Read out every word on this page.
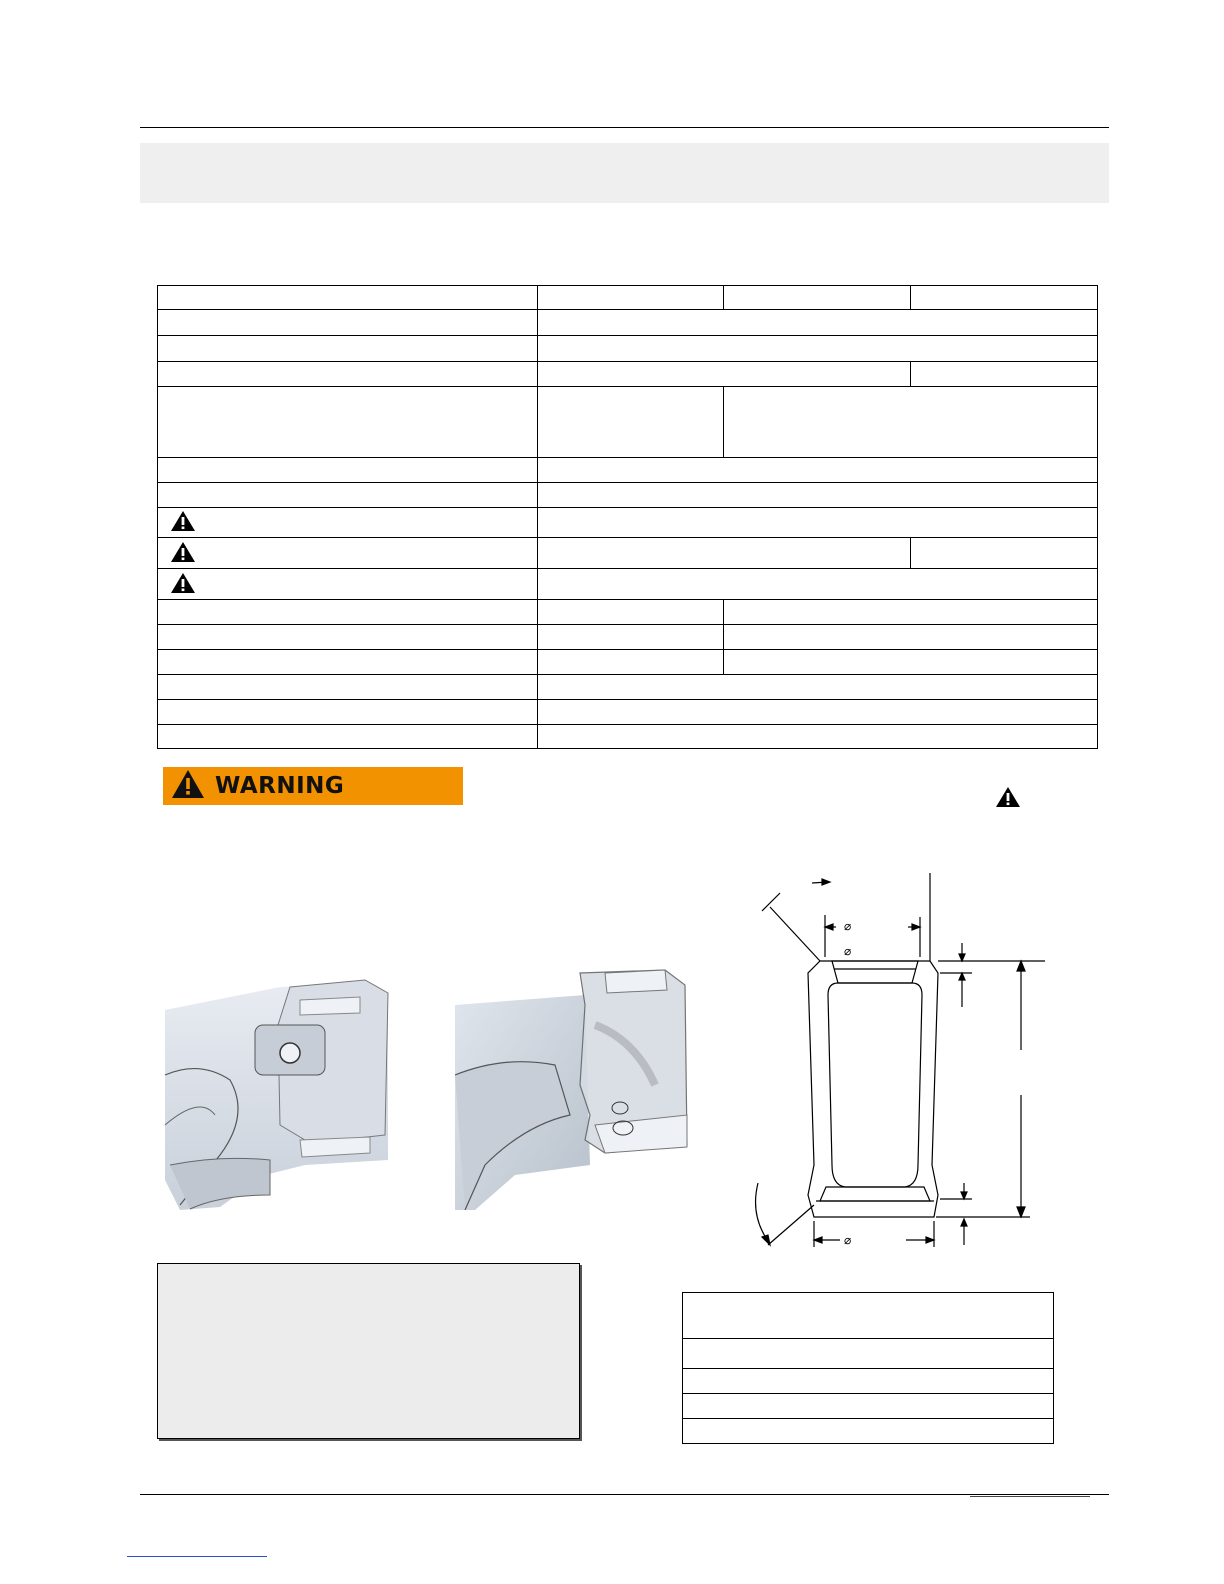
WARNING
⌀
⌀
⌀
